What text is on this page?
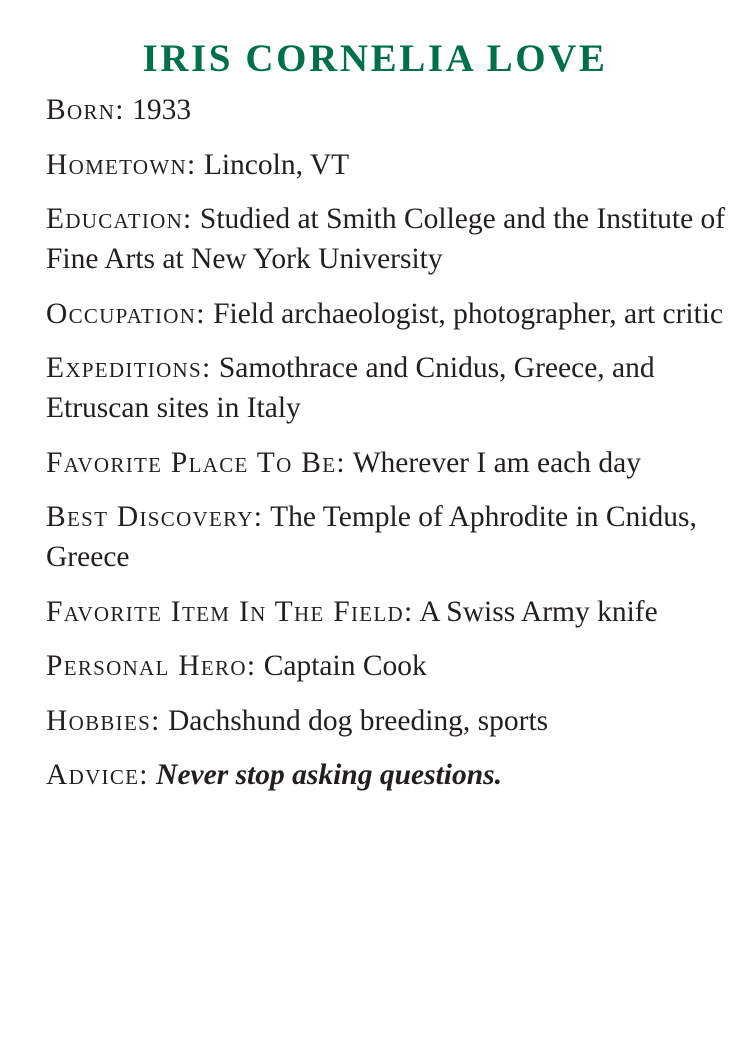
IRIS CORNELIA LOVE
Born: 1933
Hometown: Lincoln, VT
Education: Studied at Smith College and the Institute of Fine Arts at New York University
Occupation: Field archaeologist, photographer, art critic
Expeditions: Samothrace and Cnidus, Greece, and Etruscan sites in Italy
Favorite Place To Be: Wherever I am each day
Best Discovery: The Temple of Aphrodite in Cnidus, Greece
Favorite Item In The Field: A Swiss Army knife
Personal Hero: Captain Cook
Hobbies: Dachshund dog breeding, sports
Advice: Never stop asking questions.
